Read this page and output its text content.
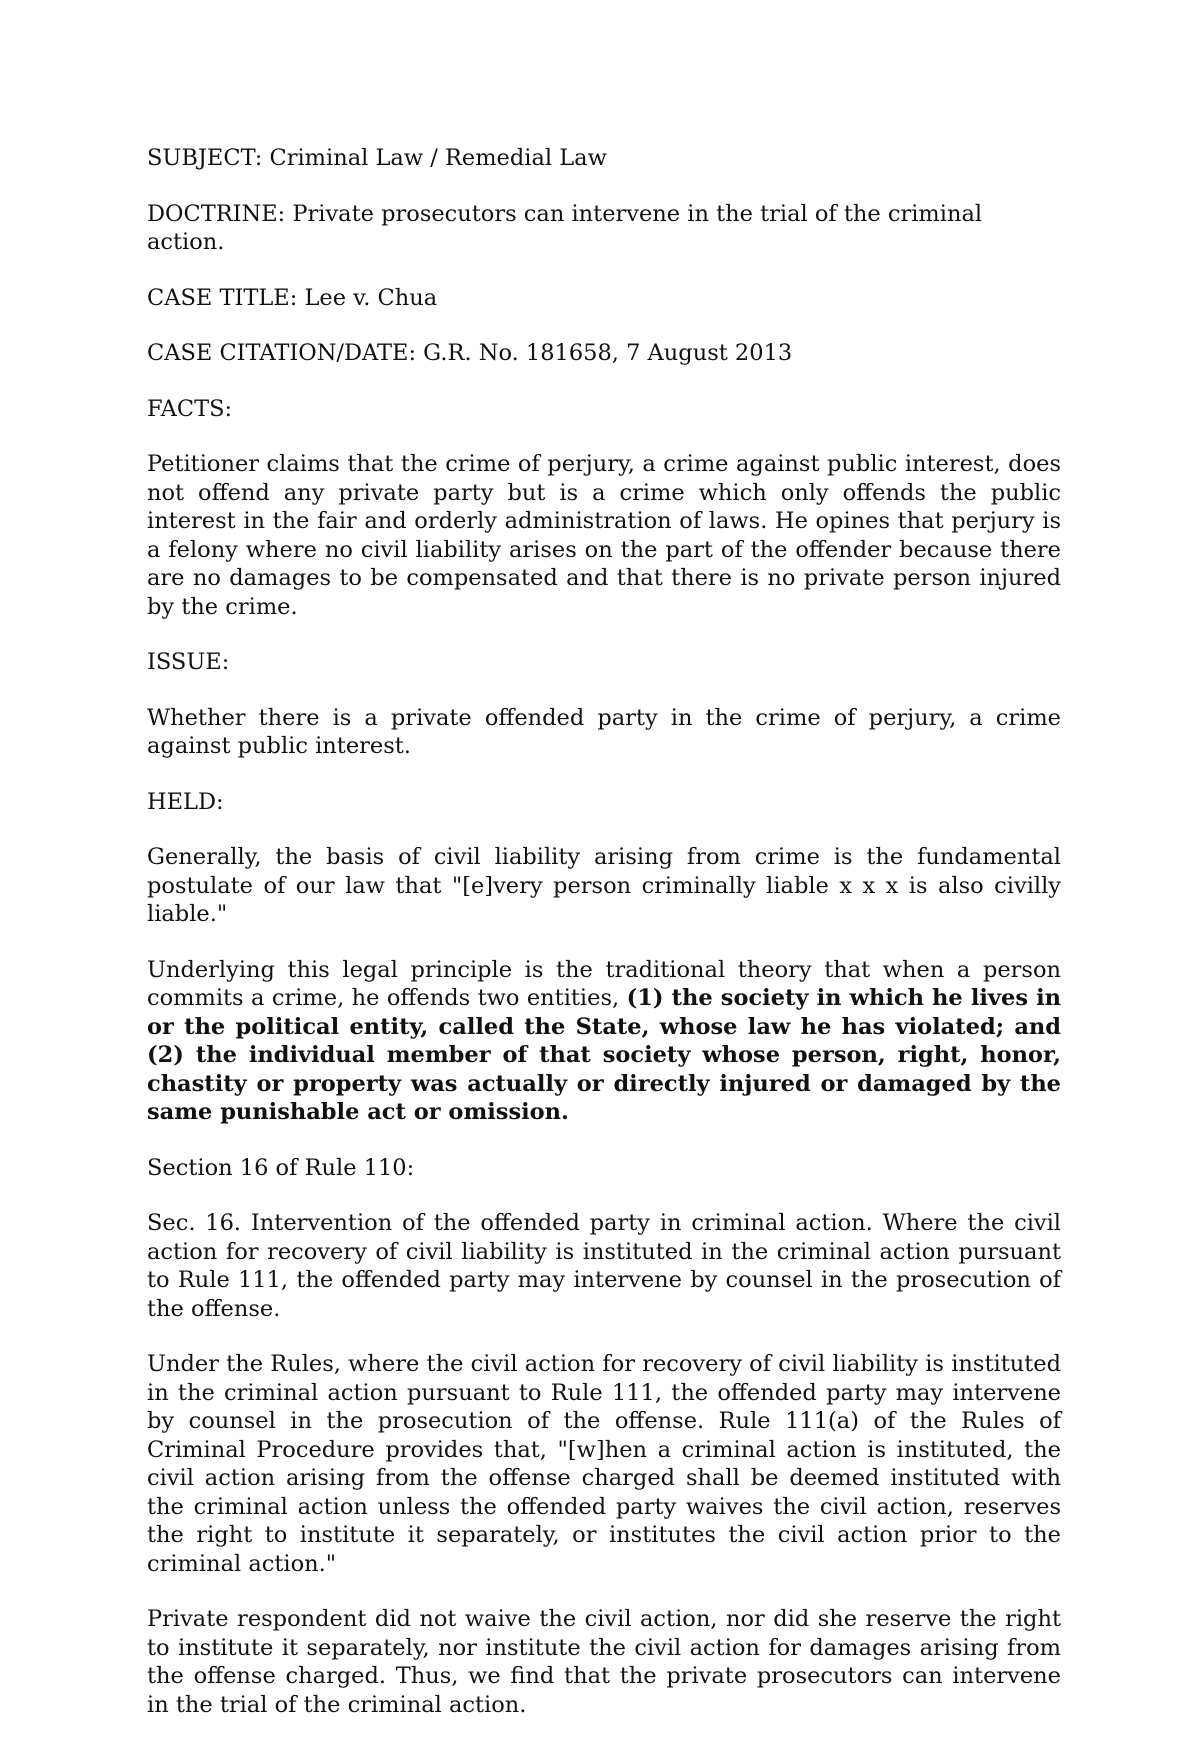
SUBJECT: Criminal Law / Remedial Law

DOCTRINE: Private prosecutors can intervene in the trial of the criminal action.

CASE TITLE: Lee v. Chua

CASE CITATION/DATE: G.R. No. 181658, 7 August 2013

FACTS:

Petitioner claims that the crime of perjury, a crime against public interest, does not offend any private party but is a crime which only offends the public interest in the fair and orderly administration of laws. He opines that perjury is a felony where no civil liability arises on the part of the offender because there are no damages to be compensated and that there is no private person injured by the crime.

ISSUE:

Whether there is a private offended party in the crime of perjury, a crime against public interest.

HELD:

Generally, the basis of civil liability arising from crime is the fundamental postulate of our law that "[e]very person criminally liable x x x is also civilly liable."

Underlying this legal principle is the traditional theory that when a person commits a crime, he offends two entities, (1) the society in which he lives in or the political entity, called the State, whose law he has violated; and (2) the individual member of that society whose person, right, honor, chastity or property was actually or directly injured or damaged by the same punishable act or omission.

Section 16 of Rule 110:

Sec. 16. Intervention of the offended party in criminal action. Where the civil action for recovery of civil liability is instituted in the criminal action pursuant to Rule 111, the offended party may intervene by counsel in the prosecution of the offense.

Under the Rules, where the civil action for recovery of civil liability is instituted in the criminal action pursuant to Rule 111, the offended party may intervene by counsel in the prosecution of the offense. Rule 111(a) of the Rules of Criminal Procedure provides that, "[w]hen a criminal action is instituted, the civil action arising from the offense charged shall be deemed instituted with the criminal action unless the offended party waives the civil action, reserves the right to institute it separately, or institutes the civil action prior to the criminal action."

Private respondent did not waive the civil action, nor did she reserve the right to institute it separately, nor institute the civil action for damages arising from the offense charged. Thus, we find that the private prosecutors can intervene in the trial of the criminal action.
